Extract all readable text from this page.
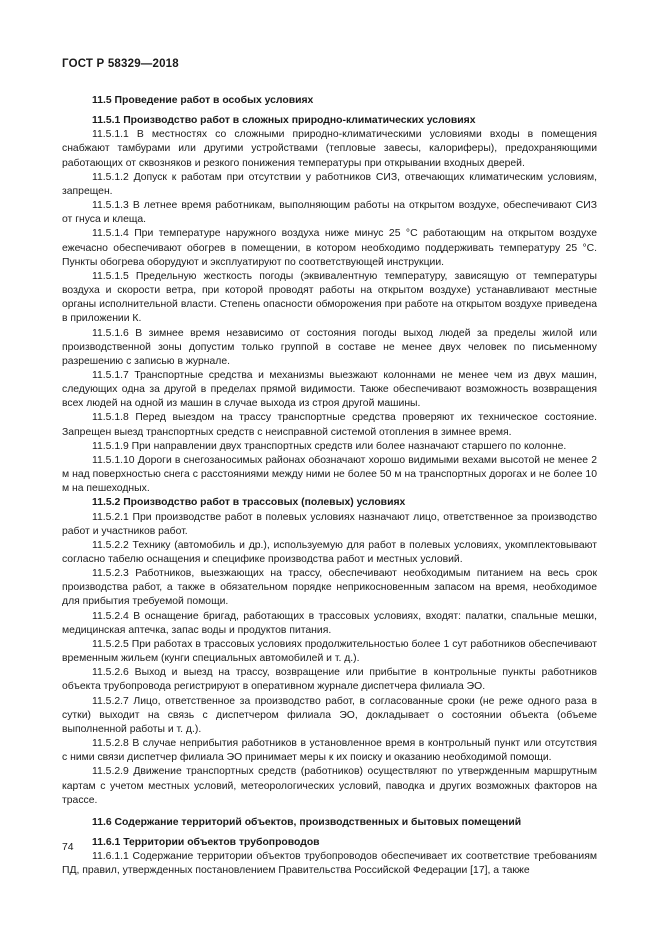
ГОСТ Р 58329—2018

11.5 Проведение работ в особых условиях

11.5.1 Производство работ в сложных природно-климатических условиях

11.5.1.1 В местностях со сложными природно-климатическими условиями входы в помещения снабжают тамбурами или другими устройствами (тепловые завесы, калориферы), предохраняющими работающих от сквозняков и резкого понижения температуры при открывании входных дверей.

11.5.1.2 Допуск к работам при отсутствии у работников СИЗ, отвечающих климатическим условиям, запрещен.

11.5.1.3 В летнее время работникам, выполняющим работы на открытом воздухе, обеспечивают СИЗ от гнуса и клеща.

11.5.1.4 При температуре наружного воздуха ниже минус 25 °С работающим на открытом воздухе ежечасно обеспечивают обогрев в помещении, в котором необходимо поддерживать температуру 25 °С. Пункты обогрева оборудуют и эксплуатируют по соответствующей инструкции.

11.5.1.5 Предельную жесткость погоды (эквивалентную температуру, зависящую от температуры воздуха и скорости ветра, при которой проводят работы на открытом воздухе) устанавливают местные органы исполнительной власти. Степень опасности обморожения при работе на открытом воздухе приведена в приложении К.

11.5.1.6 В зимнее время независимо от состояния погоды выход людей за пределы жилой или производственной зоны допустим только группой в составе не менее двух человек по письменному разрешению с записью в журнале.

11.5.1.7 Транспортные средства и механизмы выезжают колоннами не менее чем из двух машин, следующих одна за другой в пределах прямой видимости. Также обеспечивают возможность возвращения всех людей на одной из машин в случае выхода из строя другой машины.

11.5.1.8 Перед выездом на трассу транспортные средства проверяют их техническое состояние. Запрещен выезд транспортных средств с неисправной системой отопления в зимнее время.

11.5.1.9 При направлении двух транспортных средств или более назначают старшего по колонне.

11.5.1.10 Дороги в снегозаносимых районах обозначают хорошо видимыми вехами высотой не менее 2 м над поверхностью снега с расстояниями между ними не более 50 м на транспортных дорогах и не более 10 м на пешеходных.

11.5.2 Производство работ в трассовых (полевых) условиях

11.5.2.1 При производстве работ в полевых условиях назначают лицо, ответственное за производство работ и участников работ.

11.5.2.2 Технику (автомобиль и др.), используемую для работ в полевых условиях, укомплектовывают согласно табелю оснащения и специфике производства работ и местных условий.

11.5.2.3 Работников, выезжающих на трассу, обеспечивают необходимым питанием на весь срок производства работ, а также в обязательном порядке неприкосновенным запасом на время, необходимое для прибытия требуемой помощи.

11.5.2.4 В оснащение бригад, работающих в трассовых условиях, входят: палатки, спальные мешки, медицинская аптечка, запас воды и продуктов питания.

11.5.2.5 При работах в трассовых условиях продолжительностью более 1 сут работников обеспечивают временным жильем (кунги специальных автомобилей и т. д.).

11.5.2.6 Выход и выезд на трассу, возвращение или прибытие в контрольные пункты работников объекта трубопровода регистрируют в оперативном журнале диспетчера филиала ЭО.

11.5.2.7 Лицо, ответственное за производство работ, в согласованные сроки (не реже одного раза в сутки) выходит на связь с диспетчером филиала ЭО, докладывает о состоянии объекта (объеме выполненной работы и т. д.).

11.5.2.8 В случае неприбытия работников в установленное время в контрольный пункт или отсутствия с ними связи диспетчер филиала ЭО принимает меры к их поиску и оказанию необходимой помощи.

11.5.2.9 Движение транспортных средств (работников) осуществляют по утвержденным маршрутным картам с учетом местных условий, метеорологических условий, паводка и других возможных факторов на трассе.

11.6 Содержание территорий объектов, производственных и бытовых помещений

11.6.1 Территории объектов трубопроводов

11.6.1.1 Содержание территории объектов трубопроводов обеспечивает их соответствие требованиям ПД, правил, утвержденных постановлением Правительства Российской Федерации [17], а также

74
